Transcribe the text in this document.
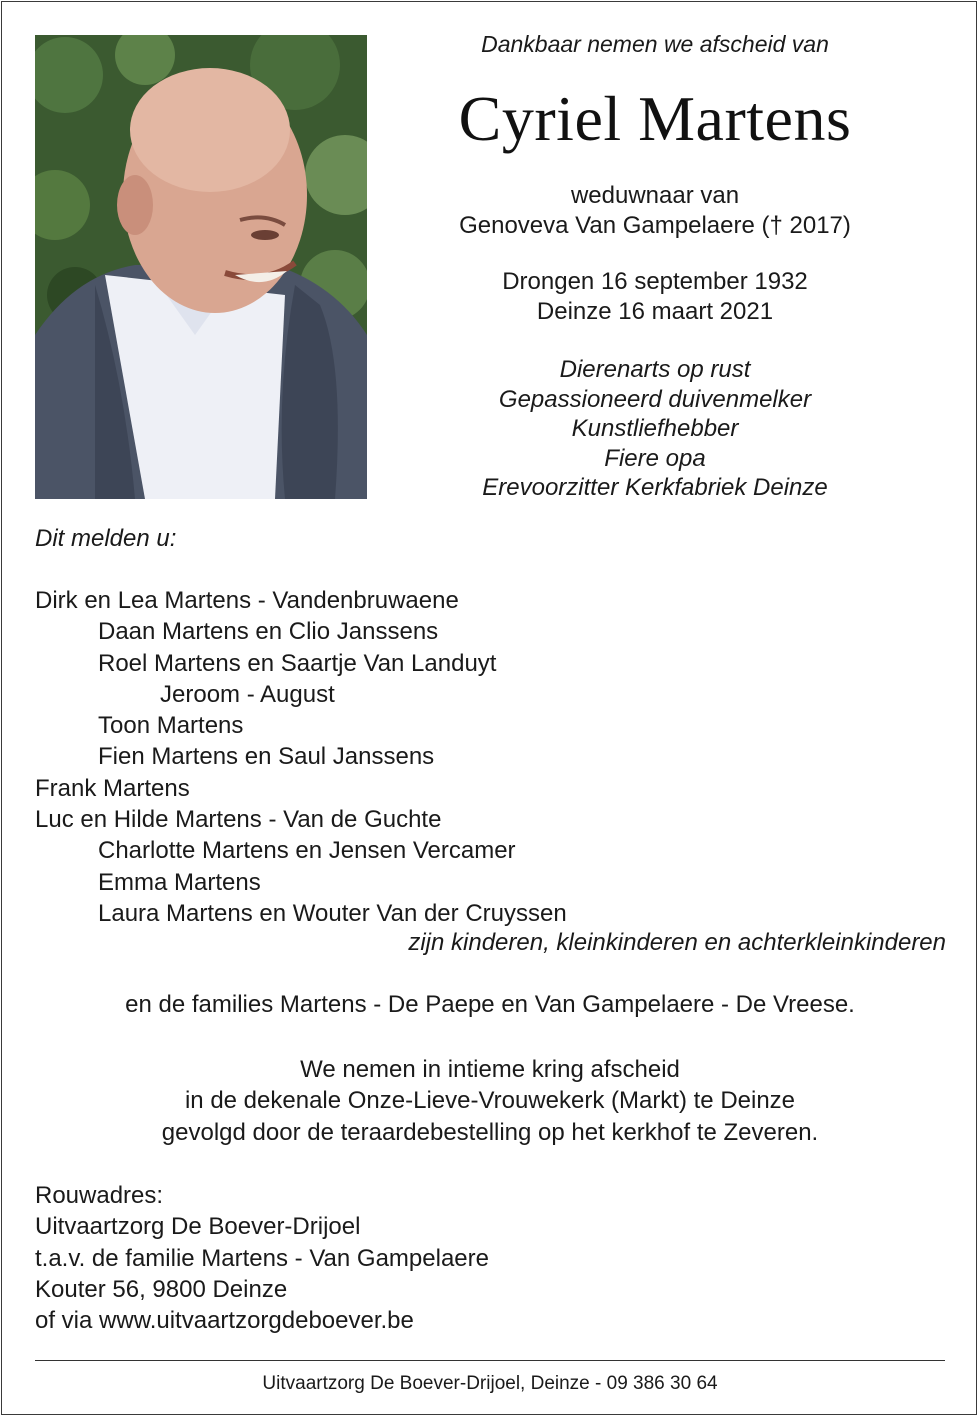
Dankbaar nemen we afscheid van
Cyriel Martens
weduwnaar van
Genoveva Van Gampelaere († 2017)
Drongen 16 september 1932
Deinze 16 maart 2021
Dierenarts op rust
Gepassioneerd duivenmelker
Kunstliefhebber
Fiere opa
Erevoorzitter Kerkfabriek Deinze
Dit melden u:
Dirk en Lea Martens - Vandenbruwaene
Daan Martens en Clio Janssens
Roel Martens en Saartje Van Landuyt
Jeroom - August
Toon Martens
Fien Martens en Saul Janssens
Frank Martens
Luc en Hilde Martens - Van de Guchte
Charlotte Martens en Jensen Vercamer
Emma Martens
Laura Martens en Wouter Van der Cruyssen
zijn kinderen, kleinkinderen en achterkleinkinderen
en de families Martens - De Paepe en Van Gampelaere - De Vreese.
We nemen in intieme kring afscheid
in de dekenale Onze-Lieve-Vrouwekerk (Markt) te Deinze
gevolgd door de teraardebestelling op het kerkhof te Zeveren.
Rouwadres:
Uitvaartzorg De Boever-Drijoel
t.a.v. de familie Martens - Van Gampelaere
Kouter 56, 9800 Deinze
of via www.uitvaartzorgdeboever.be
Uitvaartzorg De Boever-Drijoel, Deinze - 09 386 30 64
